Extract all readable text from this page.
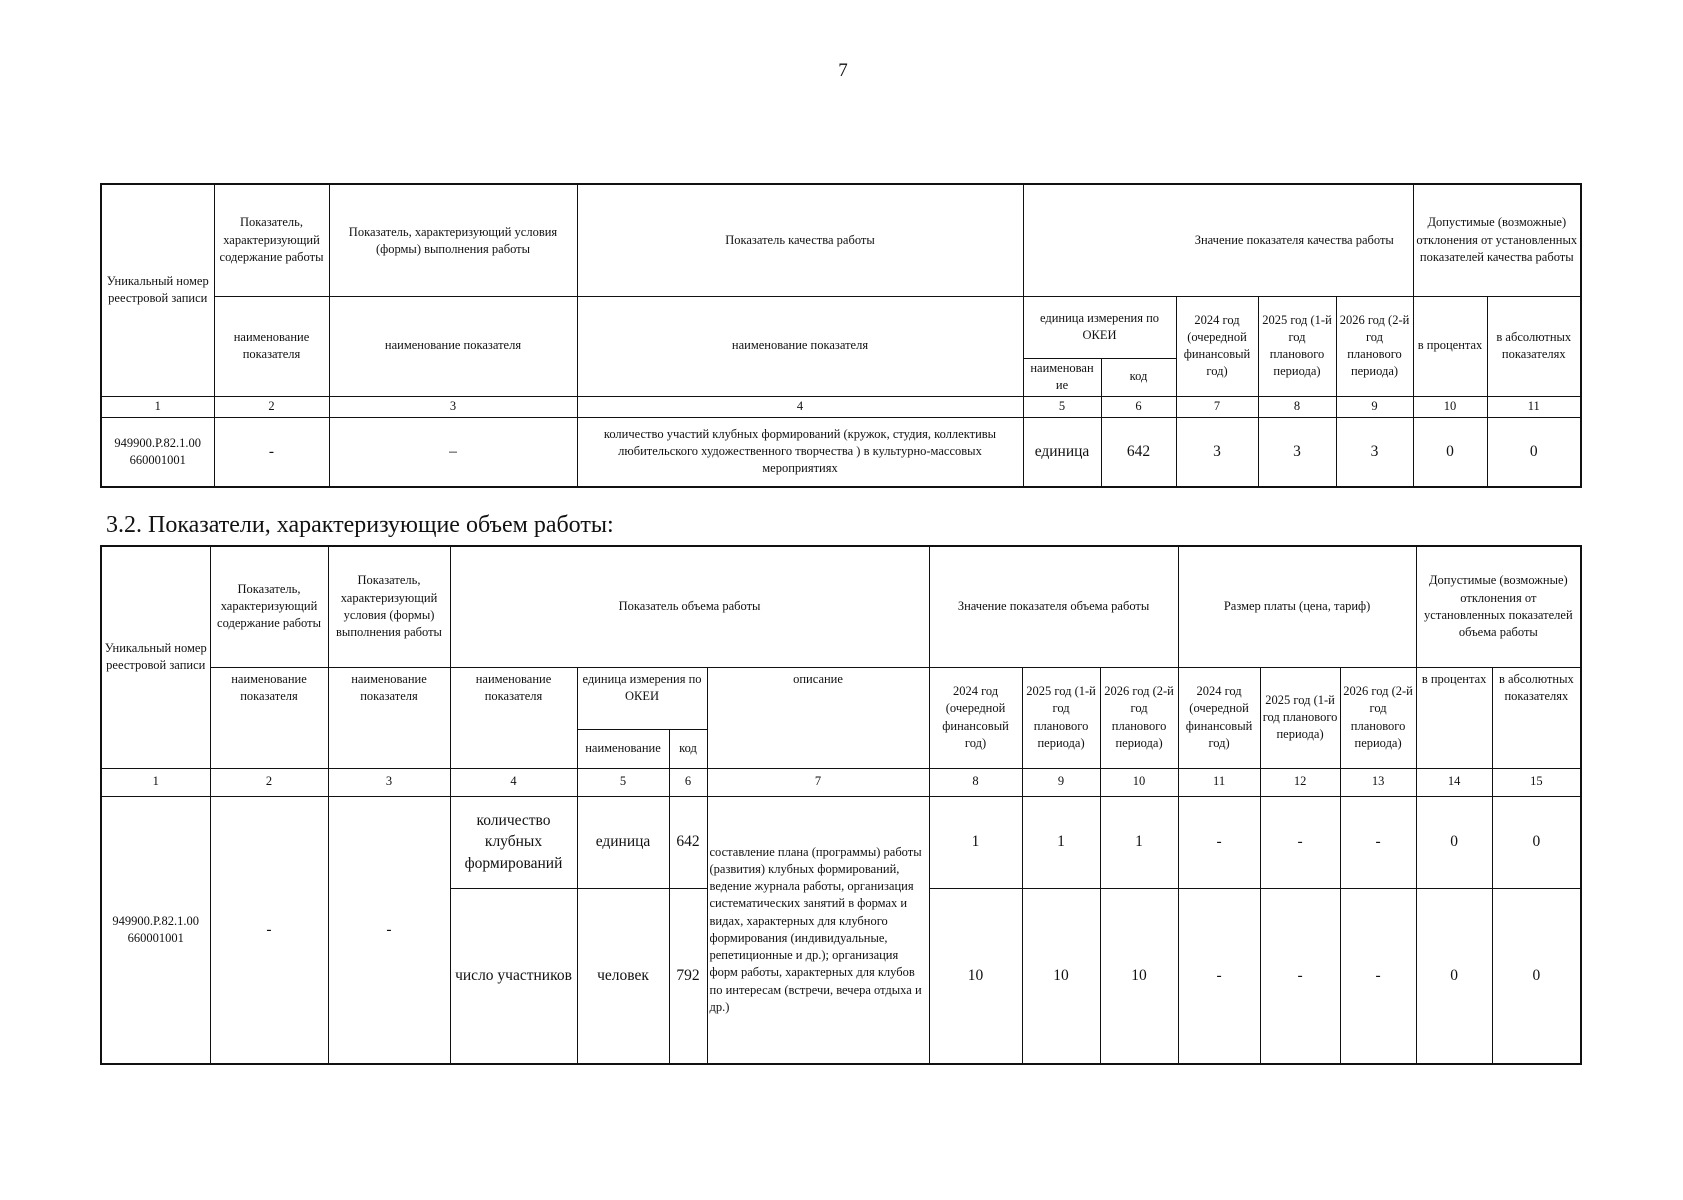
7
Уникальный номер реестровой записи	Показатель, характеризующий содержание работы	Показатель, характеризующий условия (формы) выполнения работы	Показатель качества работы			Значение показателя качества работы			Допустимые (возможные) отклонения от установленных показателей качества работы	
	наименование показателя	наименование показателя	наименование показателя	единица измерения по ОКЕИ		2024 год (очередной финансовый год)	2025 год (1-й год планового периода)	2026 год (2-й год планового периода)	в процентах	в абсолютных показателях
				наименован ие	код					
1	2	3	4	5	6	7	8	9	10	11
949900.Р.82.1.00 660001001	-	–	количество участий клубных формирований (кружок, студия, коллективы любительского художественного творчества ) в культурно-массовых мероприятиях	единица	642	3	3	3	0	0
3.2. Показатели, характеризующие объем работы:
Уникальный номер реестровой записи	Показатель, характеризующий содержание работы	Показатель, характеризующий условия (формы) выполнения работы	Показатель объема работы				Значение показателя объема работы			Размер платы (цена, тариф)			Допустимые (возможные) отклонения от установленных показателей объема работы	
	наименование показателя	наименование показателя	наименование показателя	единица измерения по ОКЕИ		описание	2024 год (очередной финансовый год)	2025 год (1-й год планового периода)	2026 год (2-й год планового периода)	2024 год (очередной финансовый год)	2025 год (1-й год планового периода)	2026 год (2-й год планового периода)	в процентах	в абсолютных показателях
				наименование	код									
1	2	3	4	5	6	7	8	9	10	11	12	13	14	15
949900.Р.82.1.00 660001001	-	-	количество клубных формирований	единица	642	составление плана (программы) работы (развития) клубных формирований, ведение журнала работы, организация систематических занятий в формах и видах, характерных для клубного формирования (индивидуальные, репетиционные и др.); организация форм работы, характерных для клубов по интересам (встречи, вечера отдыха и др.)	1	1	1	-	-	-	0	0
			число участников	человек	792		10	10	10	-	-	-	0	0
